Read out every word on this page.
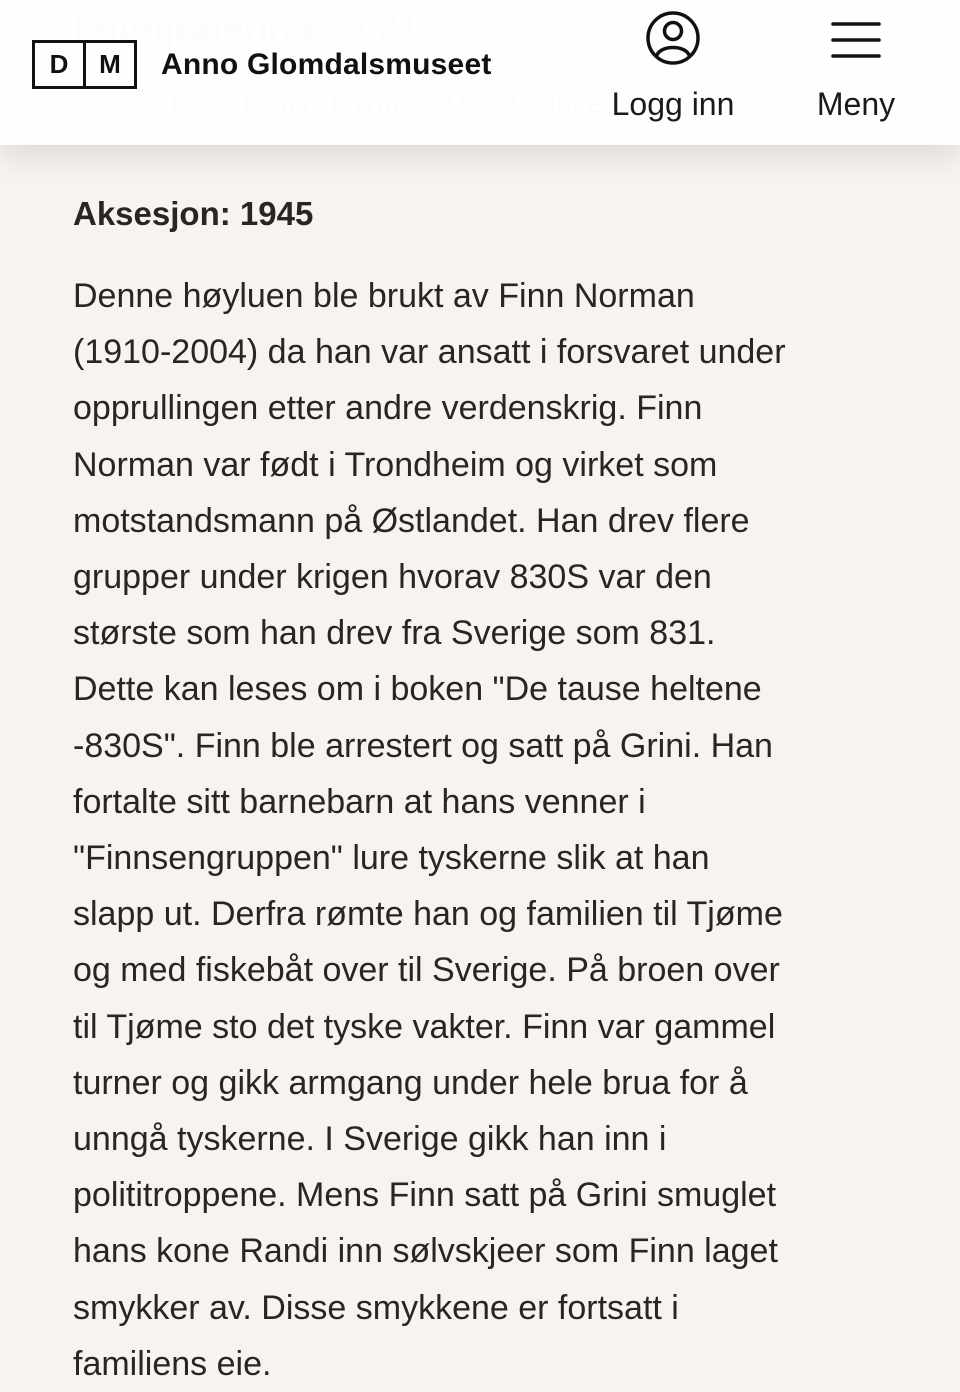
D	M	Anno Glomdalsmuseet
Logg inn	Meny
Aksesjon: 1945

Denne høyluen ble brukt av Finn Norman
(1910-2004) da han var ansatt i forsvaret under
opprullingen etter andre verdenskrig. Finn
Norman var født i Trondheim og virket som
motstandsmann på Østlandet. Han drev flere
grupper under krigen hvorav 830S var den
største som han drev fra Sverige som 831.
Dette kan leses om i boken "De tause heltene
-830S". Finn ble arrestert og satt på Grini. Han
fortalte sitt barnebarn at hans venner i
"Finnsengruppen" lure tyskerne slik at han
slapp ut. Derfra rømte han og familien til Tjøme
og med fiskebåt over til Sverige. På broen over
til Tjøme sto det tyske vakter. Finn var gammel
turner og gikk armgang under hele brua for å
unngå tyskerne. I Sverige gikk han inn i
polititroppene. Mens Finn satt på Grini smuglet
hans kone Randi inn sølvskjeer som Finn laget
smykker av. Disse smykkene er fortsatt i
familiens eie.
